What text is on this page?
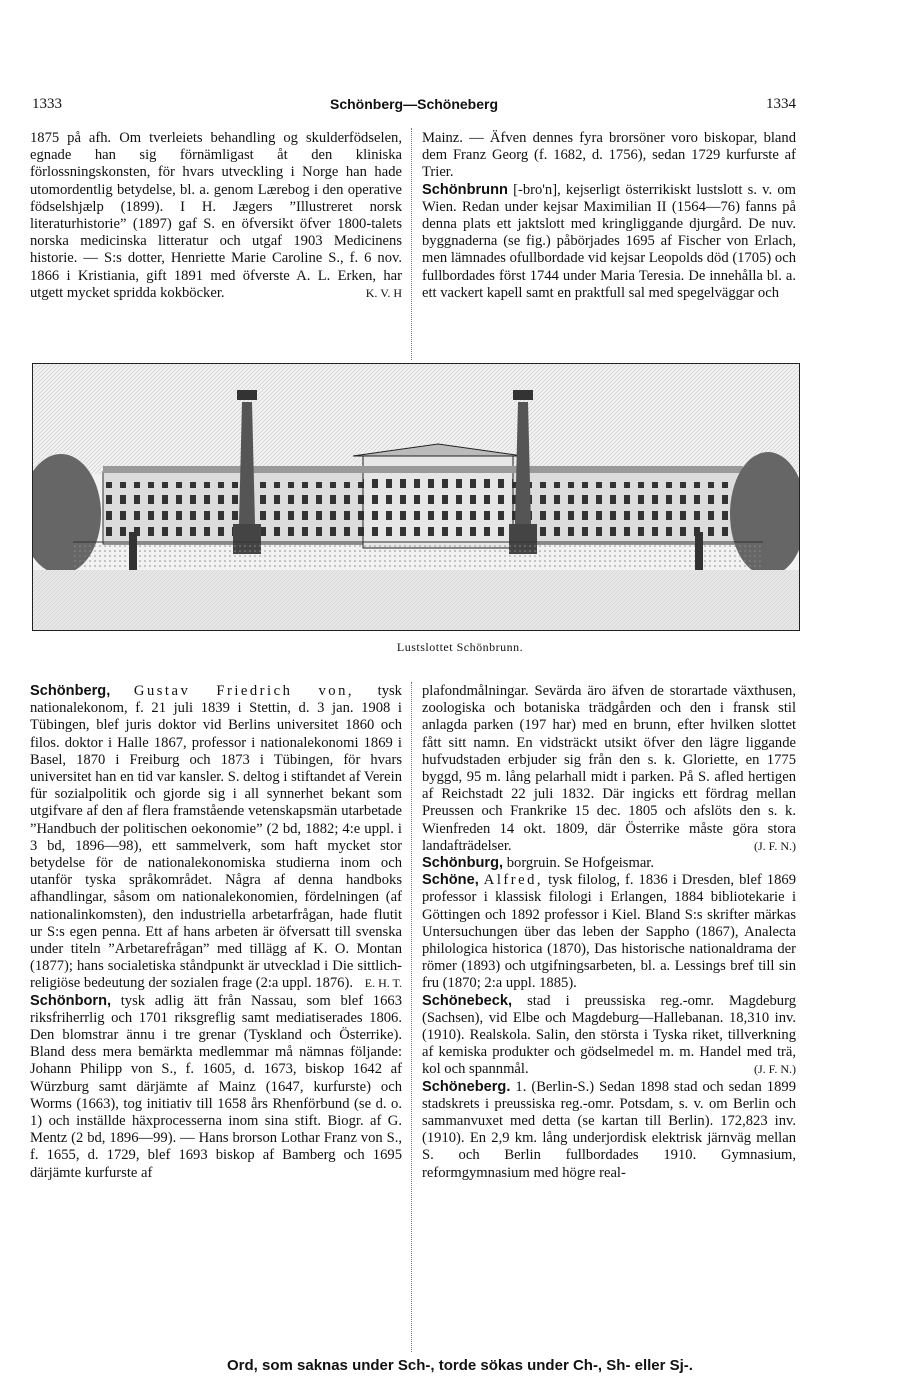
1333	Schönberg—Schöneberg	1334

1875 på afh. Om tverleiets behandling og skulderfödselen, egnade han sig förnämligast åt den kliniska förlossningskonsten, för hvars utveckling i Norge han hade utomordentlig betydelse, bl. a. genom Lærebog i den operative födselshjælp (1899). I H. Jægers ”Illustreret norsk literaturhistorie” (1897) gaf S. en öfversikt öfver 1800-talets norska medicinska litteratur och utgaf 1903 Medicinens historie. — S:s dotter, Henriette Marie Caroline S., f. 6 nov. 1866 i Kristiania, gift 1891 med öfverste A. L. Erken, har utgett mycket spridda kokböcker.	K. V. H

Mainz. — Äfven dennes fyra brorsöner voro biskopar, bland dem Franz Georg (f. 1682, d. 1756), sedan 1729 kurfurste af Trier.

Schönbrunn [-bro'n], kejserligt österrikiskt lustslott s. v. om Wien. Redan under kejsar Maximilian II (1564—76) fanns på denna plats ett jaktslott med kringliggande djurgård. De nuv. byggnaderna (se fig.) påbörjades 1695 af Fischer von Erlach, men lämnades ofullbordade vid kejsar Leopolds död (1705) och fullbordades först 1744 under Maria Teresia. De innehålla bl. a. ett vackert kapell samt en praktfull sal med spegelväggar och

Lustslottet Schönbrunn.

Schönberg, Gustav Friedrich von, tysk nationalekonom, f. 21 juli 1839 i Stettin, d. 3 jan. 1908 i Tübingen, blef juris doktor vid Berlins universitet 1860 och filos. doktor i Halle 1867, professor i nationalekonomi 1869 i Basel, 1870 i Freiburg och 1873 i Tübingen, för hvars universitet han en tid var kansler. S. deltog i stiftandet af Verein für sozialpolitik och gjorde sig i all synnerhet bekant som utgifvare af den af flera framstående vetenskapsmän utarbetade ”Handbuch der politischen oekonomie” (2 bd, 1882; 4:e uppl. i 3 bd, 1896—98), ett sammelverk, som haft mycket stor betydelse för de nationalekonomiska studierna inom och utanför tyska språkområdet. Några af denna handboks afhandlingar, såsom om nationalekonomien, fördelningen (af nationalinkomsten), den industriella arbetarfrågan, hade flutit ur S:s egen penna. Ett af hans arbeten är öfversatt till svenska under titeln ”Arbetarefrågan” med tillägg af K. O. Montan (1877); hans socialetiska ståndpunkt är utvecklad i Die sittlich-religiöse bedeutung der sozialen frage (2:a uppl. 1876). E. H. T.

Schönborn, tysk adlig ätt från Nassau, som blef 1663 riksfriherrlig och 1701 riksgreflig samt mediatiserades 1806. Den blomstrar ännu i tre grenar (Tyskland och Österrike). Bland dess mera bemärkta medlemmar må nämnas följande: Johann Philipp von S., f. 1605, d. 1673, biskop 1642 af Würzburg samt därjämte af Mainz (1647, kurfurste) och Worms (1663), tog initiativ till 1658 års Rhenförbund (se d. o. 1) och inställde häxprocesserna inom sina stift. Biogr. af G. Mentz (2 bd, 1896—99). — Hans brorson Lothar Franz von S., f. 1655, d. 1729, blef 1693 biskop af Bamberg och 1695 därjämte kurfurste af

plafondmålningar. Sevärda äro äfven de storartade växthusen, zoologiska och botaniska trädgården och den i fransk stil anlagda parken (197 har) med en brunn, efter hvilken slottet fått sitt namn. En vidsträckt utsikt öfver den lägre liggande hufvudstaden erbjuder sig från den s. k. Gloriette, en 1775 byggd, 95 m. lång pelarhall midt i parken. På S. afled hertigen af Reichstadt 22 juli 1832. Där ingicks ett fördrag mellan Preussen och Frankrike 15 dec. 1805 och afslöts den s. k. Wienfreden 14 okt. 1809, där Österrike måste göra stora landafträdelser.	(J. F. N.)

Schönburg, borgruin. Se Hofgeismar.

Schöne, Alfred, tysk filolog, f. 1836 i Dresden, blef 1869 professor i klassisk filologi i Erlangen, 1884 bibliotekarie i Göttingen och 1892 professor i Kiel. Bland S:s skrifter märkas Untersuchungen über das leben der Sappho (1867), Analecta philologica historica (1870), Das historische nationaldrama der römer (1893) och utgifningsarbeten, bl. a. Lessings bref till sin fru (1870; 2:a uppl. 1885).

Schönebeck, stad i preussiska reg.-omr. Magdeburg (Sachsen), vid Elbe och Magdeburg—Hallebanan. 18,310 inv. (1910). Realskola. Salin, den största i Tyska riket, tillverkning af kemiska produkter och gödselmedel m. m. Handel med trä, kol och spannmål.	(J. F. N.)

Schöneberg. 1. (Berlin-S.) Sedan 1898 stad och sedan 1899 stadskrets i preussiska reg.-omr. Potsdam, s. v. om Berlin och sammanvuxet med detta (se kartan till Berlin). 172,823 inv. (1910). En 2,9 km. lång underjordisk elektrisk järnväg mellan S. och Berlin fullbordades 1910. Gymnasium, reformgymnasium med högre real-

Ord, som saknas under Sch-, torde sökas under Ch-, Sh- eller Sj-.
